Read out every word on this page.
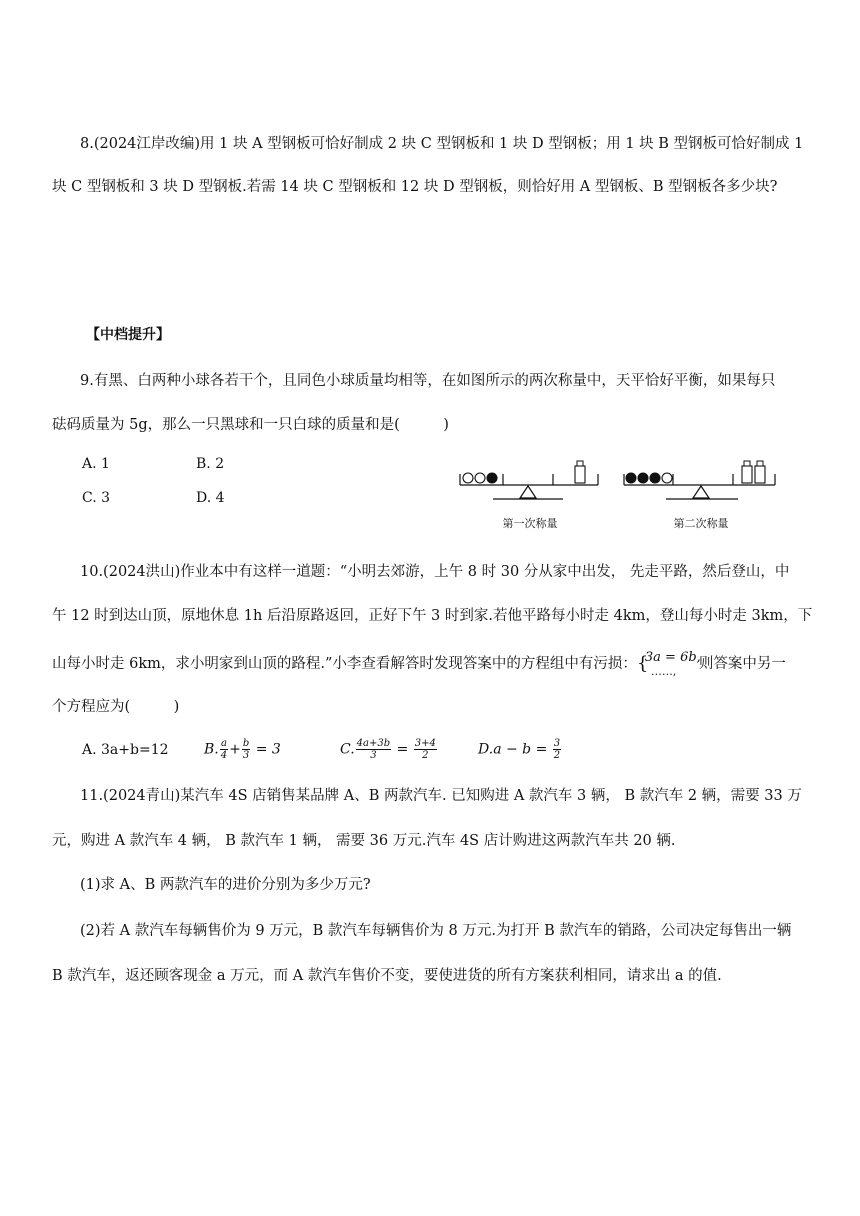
8.(2024江岸改编)用 1 块 A 型钢板可恰好制成 2 块 C 型钢板和 1 块 D 型钢板；用 1 块 B 型钢板可恰好制成 1
块 C 型钢板和 3 块 D 型钢板.若需 14 块 C 型钢板和 12 块 D 型钢板，则恰好用 A 型钢板、B 型钢板各多少块?
【中档提升】
9.有黑、白两种小球各若干个，且同色小球质量均相等，在如图所示的两次称量中，天平恰好平衡，如果每只
砝码质量为 5g，那么一只黑球和一只白球的质量和是(　　　)
A. 1	B. 2
C. 3	D. 4
第一次称量	第二次称量
10.(2024洪山)作业本中有这样一道题：“小明去郊游，上午 8 时 30 分从家中出发， 先走平路，然后登山，中
午 12 时到达山顶，原地休息 1h 后沿原路返回，正好下午 3 时到家.若他平路每小时走 4km，登山每小时走 3km，下
山每小时走 6km，求小明家到山顶的路程.”小李查看解答时发现答案中的方程组中有污损： {
3a = 6b,
……, 则答案中另一
个方程应为(　　　)
A. 3a+b=12	B. $\frac{a}{4} + \frac{b}{3} = 3$	C. $\frac{4a+3b}{3} = \frac{3+4}{2}$	$D.a - b = \frac{3}{2}$
11.(2024青山)某汽车 4S 店销售某品牌 A、B 两款汽车. 已知购进 A 款汽车 3 辆， B 款汽车 2 辆，需要 33 万
元，购进 A 款汽车 4 辆， B 款汽车 1 辆， 需要 36 万元.汽车 4S 店计购进这两款汽车共 20 辆.
(1)求 A、B 两款汽车的进价分别为多少万元?
(2)若 A 款汽车每辆售价为 9 万元，B 款汽车每辆售价为 8 万元.为打开 B 款汽车的销路，公司决定每售出一辆
B 款汽车，返还顾客现金 a 万元，而 A 款汽车售价不变，要使进货的所有方案获利相同，请求出 a 的值.
